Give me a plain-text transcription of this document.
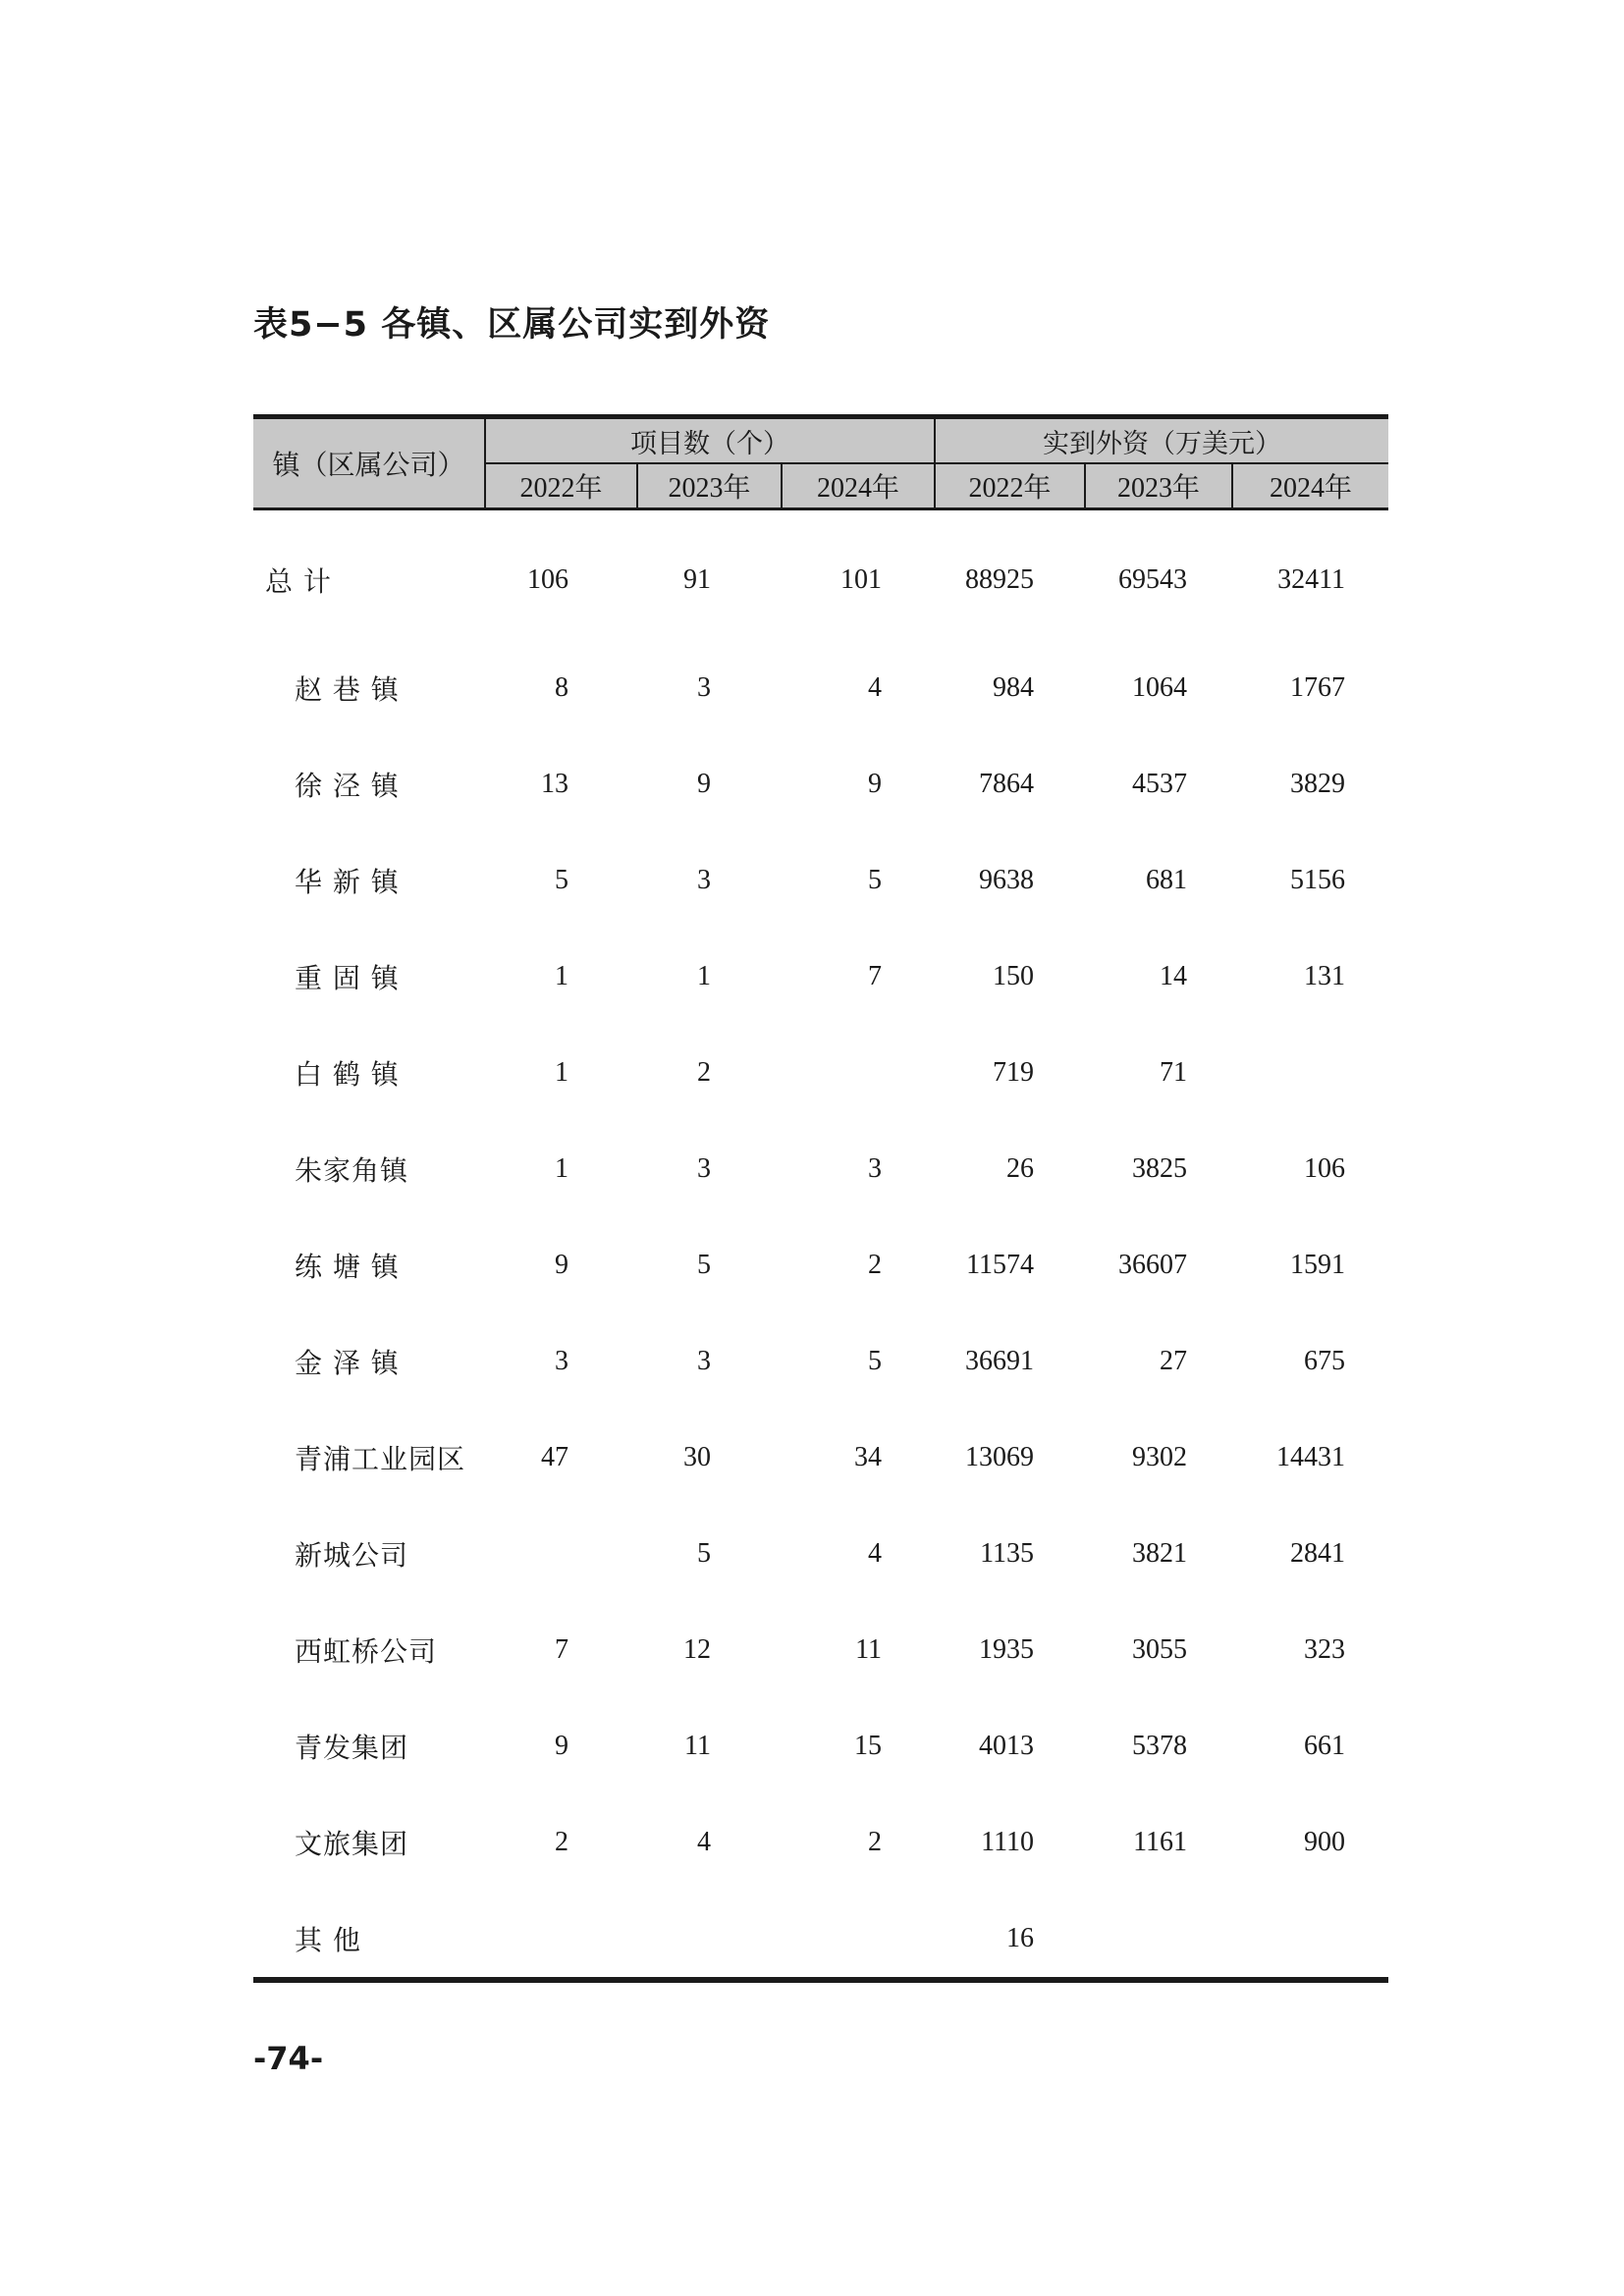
表5−5 各镇、区属公司实到外资
镇（区属公司）	项目数（个）			实到外资（万美元）		
	2022年	2023年	2024年	2022年	2023年	2024年
总 计	106	91	101	88925	69543	32411
赵 巷 镇	8	3	4	984	1064	1767
徐 泾 镇	13	9	9	7864	4537	3829
华 新 镇	5	3	5	9638	681	5156
重 固 镇	1	1	7	150	14	131
白 鹤 镇	1	2		719	71	
朱家角镇	1	3	3	26	3825	106
练 塘 镇	9	5	2	11574	36607	1591
金 泽 镇	3	3	5	36691	27	675
青浦工业园区	47	30	34	13069	9302	14431
新城公司		5	4	1135	3821	2841
西虹桥公司	7	12	11	1935	3055	323
青发集团	9	11	15	4013	5378	661
文旅集团	2	4	2	1110	1161	900
其 他				16		
-74-
